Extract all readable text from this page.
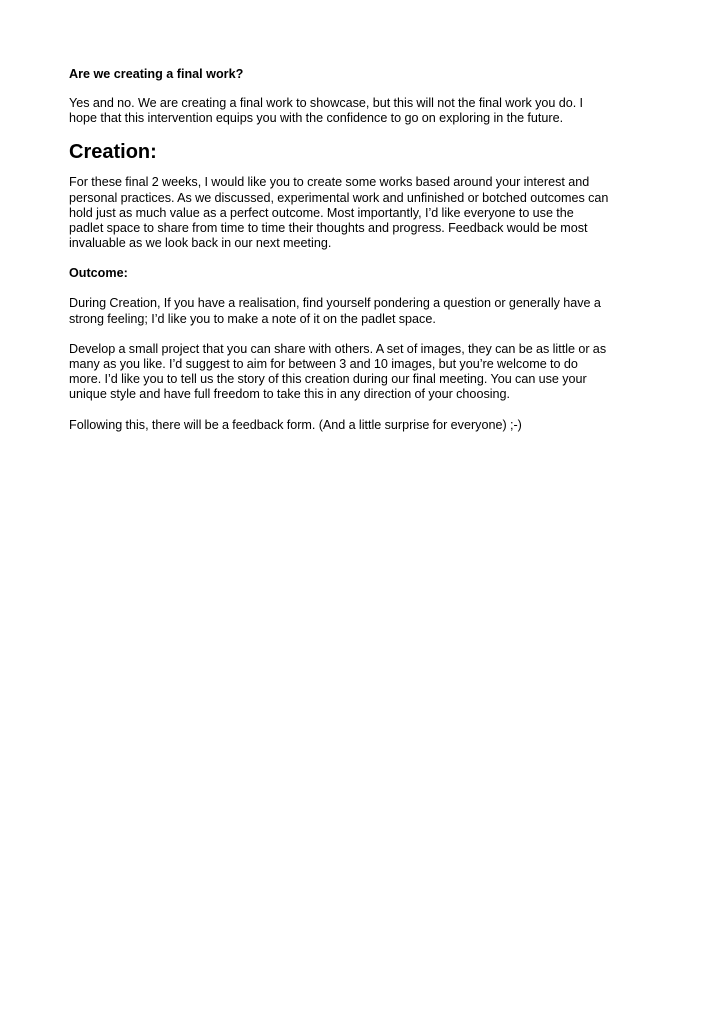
Are we creating a final work?

Yes and no. We are creating a final work to showcase, but this will not the final work you do. I
hope that this intervention equips you with the confidence to go on exploring in the future.

Creation:

For these final 2 weeks, I would like you to create some works based around your interest and
personal practices. As we discussed, experimental work and unfinished or botched outcomes can
hold just as much value as a perfect outcome. Most importantly, I’d like everyone to use the
padlet space to share from time to time their thoughts and progress. Feedback would be most
invaluable as we look back in our next meeting.

Outcome:

During Creation, If you have a realisation, find yourself pondering a question or generally have a
strong feeling; I’d like you to make a note of it on the padlet space.

Develop a small project that you can share with others. A set of images, they can be as little or as
many as you like. I’d suggest to aim for between 3 and 10 images, but you’re welcome to do
more. I’d like you to tell us the story of this creation during our final meeting. You can use your
unique style and have full freedom to take this in any direction of your choosing.

Following this, there will be a feedback form. (And a little surprise for everyone) ;-)
